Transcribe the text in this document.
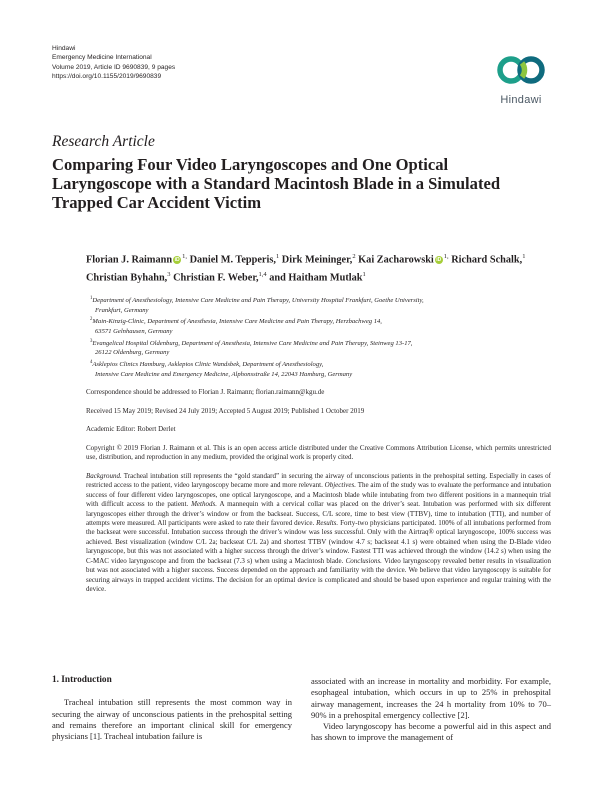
Hindawi
Emergency Medicine International
Volume 2019, Article ID 9690839, 9 pages
https://doi.org/10.1155/2019/9690839
Hindawi
Research Article
Comparing Four Video Laryngoscopes and One Optical Laryngoscope with a Standard Macintosh Blade in a Simulated Trapped Car Accident Victim

Florian J. Raimann $iD^{1,}$ Daniel M. Tepperis,$^1$ Dirk Meininger,$^2$ Kai Zacharowski $iD^{1,}$ Richard Schalk,$^1$ Christian Byhahn,$^3$ Christian F. Weber,$^{1,4}$ and Haitham Mutlak$^1$

$^1$Department of Anesthesiology, Intensive Care Medicine and Pain Therapy, University Hospital Frankfurt, Goethe University,
Frankfurt, Germany

$^2$Main-Kinzig-Clinic, Department of Anesthesia, Intensive Care Medicine and Pain Therapy, Herzbachweg 14,
63571 Gelnhausen, Germany

$^3$Evangelical Hospital Oldenburg, Department of Anesthesia, Intensive Care Medicine and Pain Therapy, Steinweg 13-17,
26122 Oldenburg, Germany

$^4$Asklepios Clinics Hamburg, Asklepios Clinic Wandsbek, Department of Anesthesiology,
Intensive Care Medicine and Emergency Medicine, Alphonsstraße 14, 22043 Hamburg, Germany

Correspondence should be addressed to Florian J. Raimann; florian.raimann@kgu.de

Received 15 May 2019; Revised 24 July 2019; Accepted 5 August 2019; Published 1 October 2019

Academic Editor: Robert Derlet

Copyright © 2019 Florian J. Raimann et al. This is an open access article distributed under the Creative Commons Attribution License, which permits unrestricted use, distribution, and reproduction in any medium, provided the original work is properly cited.

Background. Tracheal intubation still represents the “gold standard” in securing the airway of unconscious patients in the prehospital setting. Especially in cases of restricted access to the patient, video laryngoscopy became more and more relevant. Objectives. The aim of the study was to evaluate the performance and intubation success of four different video laryngoscopes, one optical laryngoscope, and a Macintosh blade while intubating from two different positions in a mannequin trial with difficult access to the patient. Methods. A mannequin with a cervical collar was placed on the driver’s seat. Intubation was performed with six different laryngoscopes either through the driver’s window or from the backseat. Success, C/L score, time to best view (TTBV), time to intubation (TTI), and number of attempts were measured. All participants were asked to rate their favored device. Results. Forty-two physicians participated. 100% of all intubations performed from the backseat were successful. Intubation success through the driver’s window was less successful. Only with the Airtraq® optical laryngoscope, 100% success was achieved. Best visualization (window C/L 2a; backseat C/L 2a) and shortest TTBV (window 4.7 s; backseat 4.1 s) were obtained when using the D-Blade video laryngoscope, but this was not associated with a higher success through the driver’s window. Fastest TTI was achieved through the window (14.2 s) when using the C-MAC video laryngoscope and from the backseat (7.3 s) when using a Macintosh blade. Conclusions. Video laryngoscopy revealed better results in visualization but was not associated with a higher success. Success depended on the approach and familiarity with the device. We believe that video laryngoscopy is suitable for securing airways in trapped accident victims. The decision for an optimal device is complicated and should be based upon experience and regular training with the device.

1. Introduction

Tracheal intubation still represents the most common way in securing the airway of unconscious patients in the prehospital setting and remains therefore an important clinical skill for emergency physicians [1]. Tracheal intubation failure is

associated with an increase in mortality and morbidity. For example, esophageal intubation, which occurs in up to 25% in prehospital airway management, increases the 24 h mortality from 10% to 70–90% in a prehospital emergency collective [2].

Video laryngoscopy has become a powerful aid in this aspect and has shown to improve the management of
